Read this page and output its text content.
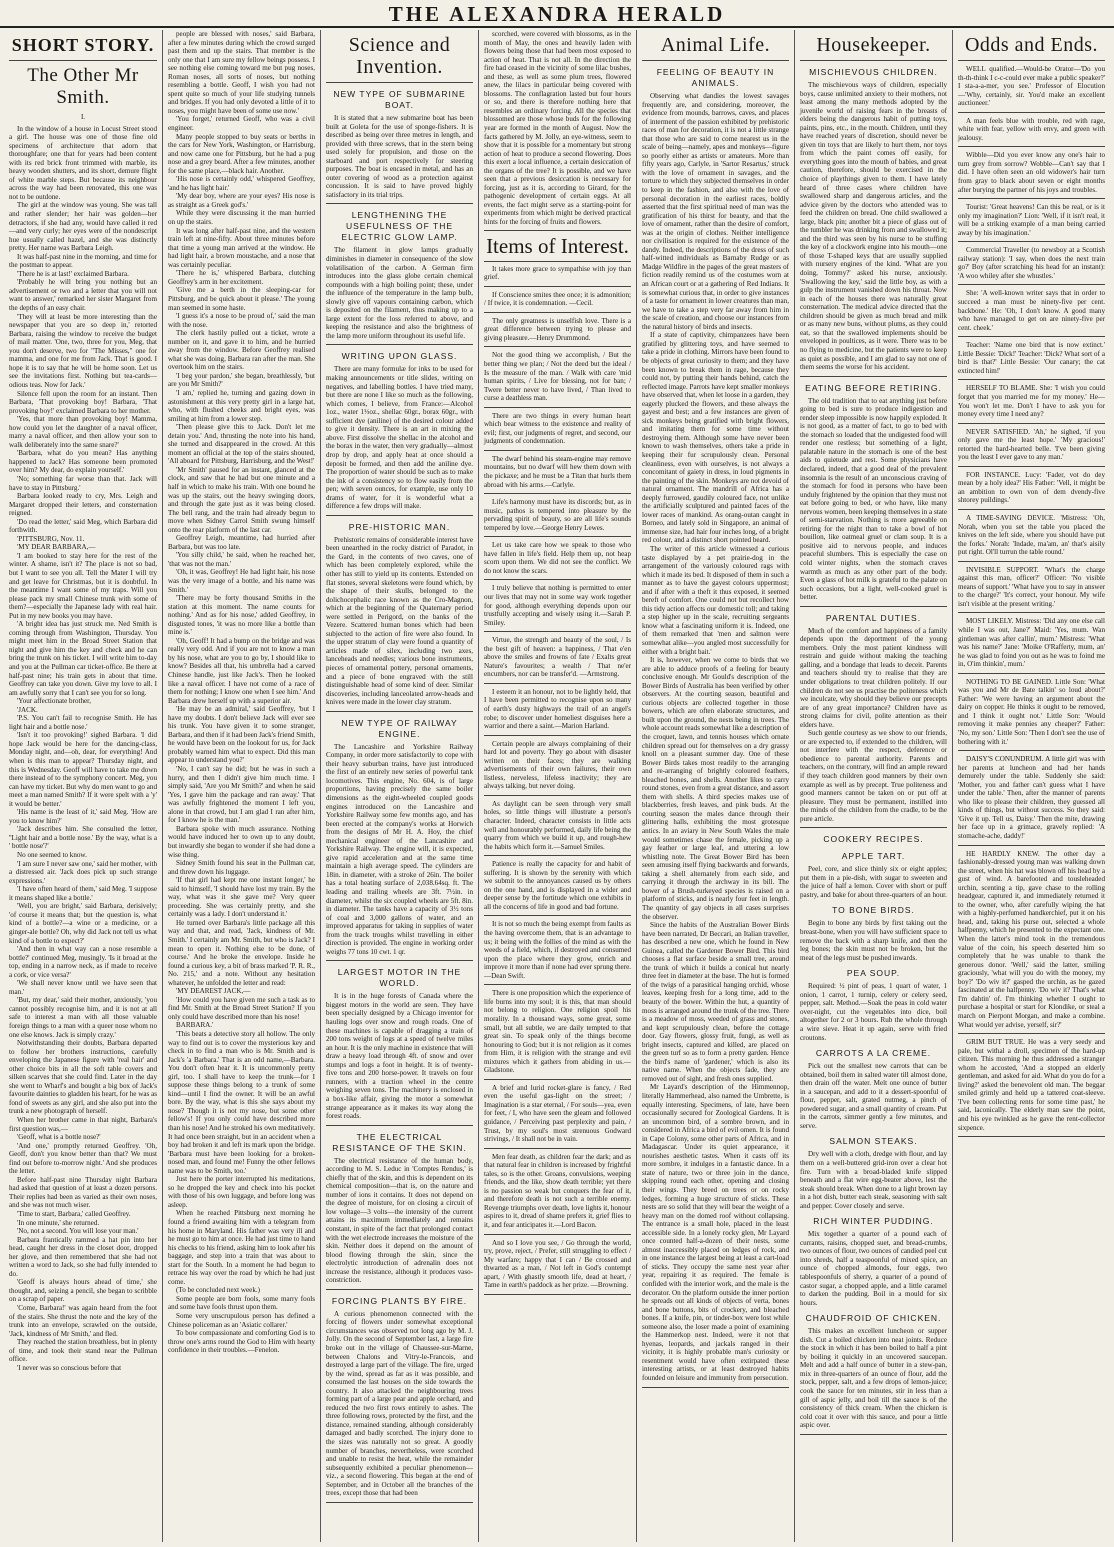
THE ALEXANDRA HERALD
SHORT STORY.
The Other Mr Smith.
I.

In the window of a house in Locust Street stood a girl. The house was one of those fine old specimens of architecture that adorn that thoroughfare; one that for years had been content with its red brick front trimmed with marble, its heavy wooden shutters, and its short, demure flight of white marble steps. But because its neighbour across the way had been renovated, this one was not to be outdone.

The girl at the window was young. She was tall and rather slender; her hair was golden—her detractors, if she had any, would have called it red—and very curly; her eyes were of the nondescript hue usually called hazel, and she was distinctly pretty. Her name was Barbara Leigh.

It was half-past nine in the morning, and time for the postman to appear.

'There he is at last!' exclaimed Barbara.

'Probably he will bring you nothing but an advertisement or two and a letter that you will not want to answer,' remarked her sister Margaret from the depths of an easy chair.

'They will at least be more interesting than the newspaper that you are so deep in,' retorted Barbara, raising the window to receive the budget of mail matter. 'One, two, three for you, Meg, that you don't deserve, two for "The Misses," one for mamma, and one for me from Jack. That is good. I hope it is to say that he will be home soon. Let us see the invitations first. Nothing but tea-cards—odious teas. Now for Jack.'

Silence fell upon the room for an instant. Then Barbara, 'That provoking boy! Barbara, 'That provoking boy!' exclaimed Barbara to her mother.

'Yes, that more than provoking boy! Mamma, how could you let the daughter of a naval officer, marry a naval officer, and then allow your son to walk deliberately into the same snare?'

'Barbara, what do you mean? Has anything happened to Jack? Has someone been promoted over him? My dear, do explain yourself.'

'No; something far worse than that. Jack will have to stay in Pittsburg.'

Barbara looked ready to cry, Mrs. Leigh and Margaret dropped their letters, and consternation reigned.

'Do read the letter,' said Meg, which Barbara did forthwith.

'PITTSBURG, Nov. 11.

'MY DEAR BARBARA,—

'I am booked to stay here for the rest of the winter. A shame, isn't it? The place is not so bad, but I want to see you all. Tell the Mater I will try and get leave for Christmas, but it is doubtful. In the meantime I want some of my traps. Will you please pack my small Chinese trunk with some of them?—especially the Japanese lady with real hair. Put in my new books you may have.

'A bright idea has just struck me. Ned Smith is coming through from Washington, Thursday. You might meet him in the Broad Street Station that night and give him the key and check and he can bring the trunk on his ticket. I will write him to-day and you at the Pullman car ticket-office. Be there at half-past nine; his train gets in about that time. Geoffrey can take you down. Give my love to all. I am awfully sorry that I can't see you for so long.

'Your affectionate brother,

'JACK.

'P.S. You can't fail to recognise Smith. He has light hair and a bottle nose.'

'Isn't it too provoking!' sighed Barbara. 'I did hope Jack would be here for the dancing-class, Monday night, and—oh, dear, for everything! And when is this man to appear? Thursday night, and this is Wednesday. Geoff will have to take me down there instead of to the symphony concert. Meg, you can have my ticket. But why do men want to go and meet a man named Smith? If it were spelt with a 'y' it would be better.'

'His name is the least of it,' said Meg. 'How are you to know him?'

'Jack describes him. She consulted the letter, ''Light hair and a bottle nose.' By the way, what is a ' bottle nose'?'

No one seemed to know.

'I am sure I never saw one,' said her mother, with a distressed air. 'Jack does pick up such strange expressions.'

'I have often heard of them,' said Meg. 'I suppose it means shaped like a bottle.'

'Well, you are bright,' said Barbara, derisively; 'of course it means that; but the question is, what kind of a bottle?—a wine or a medicine, or a ginger-ale bottle? Oh, why did Jack not tell us what kind of a bottle to expect?'

'And then in what way can a nose resemble a bottle?' continued Meg, musingly. 'Is it broad at the top, ending in a narrow neck, as if made to receive a cork, or vice versa?'

'We shall never know until we have seen that man.'

'But, my dear,' said their mother, anxiously, 'you cannot possibly recognise him, and it is not at all safe to interest a man with all those valuable foreign things to a man with a queer nose whom no one else knows. Jack is simply crazy.'

Notwithstanding their doubts, Barbara departed to follow her brothers instructions, carefully enveloping the Japanese figure with 'real hair' and other choice bits in all the soft table covers and silken scarves that she could find. Later in the day she went to Wharf's and bought a big box of Jack's favourite dainties to gladden his heart, for he was as fond of sweets as any girl, and she also put into the trunk a new photograph of herself.

When her brother came in that night, Barbara's first question was,—

'Geoff, what is a bottle nose?'

'And one,' promptly returned Geoffrey. 'Oh, Geoff, don't you know better than that? We must find out before to-morrow night.' And she produces the letter.

Before half-past nine Thursday night Barbara had asked that question of at least a dozen persons. Their replies had been as varied as their own noses, and she was not much wiser.

'Time to start, Barbara,' called Geoffrey.

'In one minute,' she returned.

'No, not a second. You will lose your man.'

Barbara frantically rammed a hat pin into her head, caught her dress in the closet door, dropped her glove, and then remembered that she had not written a word to Jack, so she had fully intended to do.

'Geoff is always hours ahead of time,' she thought, and, seizing a pencil, she began to scribble on a scrap of paper.

'Come, Barbara!' was again heard from the foot of the stairs. She thrust the note and the key of the trunk into an envelope, scrawled on the outside, 'Jack, kindness of Mr Smith,' and fled.

They reached the station breathless, but in plenty of time, and took their stand near the Pullman office.

'I never was so conscious before that

people are blessed with noses,' said Barbara, after a few minutes during which the crowd surged past them and up the stairs. That member is the only one that I am sure my fellow beings possess. I see nothing else coming toward me but pug noses, Roman noses, all sorts of noses, but nothing resembling a bottle. Geoff, I wish you had not spent quite so much of your life studying tunnels and bridges. If you had only devoted a little of it to noses, you might have been of some use now.'

'You forget,' returned Geoff, who was a civil engineer.

Many people stopped to buy seats or berths in the cars for New York, Washington, or Harrisburg, and now came one for Pittsburg, but he had a pug nose and a grey beard. After a few minutes, another for the same place,—black hair. Another.

'His nose is certainly odd,' whispered Geoffrey, 'and he has light hair.'

'My dear boy, where are your eyes? His nose is as straight as a Greek god's.'

While they were discussing it the man hurried on up the stairs.

It was long after half-past nine, and the western train left at nine-fifty. About three minutes before that time a young man arrived at the window. He had light hair, a brown moustache, and a nose that was certainly peculiar.

'There he is,' whispered Barbara, clutching Geoffrey's arm in her excitement.

'Give me a berth in the sleeping-car for Pittsburg, and be quick about it please.' The young man seemed in some haste.

'I guess it's a nose to be proud of,' said the man with the nose.

The clerk hastily pulled out a ticket, wrote a number on it, and gave it to him, and he hurried away from the window. Before Geoffrey realised what she was doing, Barbara ran after the man. She overtook him on the stairs.

'I beg your pardon,' she began, breathlessly, 'but are you Mr Smith?'

'I am,' replied he, turning and gazing down in astonishment at this very pretty girl in a large hat, who, with flushed cheeks and bright eyes, was smiling at him from a lower step.

'Then please give this to Jack. Don't let me detain you.' And, thrusting the note into his hand, she turned and disappeared in the crowd. At this moment an official at the top of the stairs shouted, 'All aboard for Pittsburg, Harrisburg, and the West!'

'Mr Smith' paused for an instant, glanced at the clock, and saw that he had but one minute and a half in which to make his train. With one bound he was up the stairs, out the heavy swinging doors, and through the gate just as it was being closed. The bell rang, and the train had already begun to move when Sidney Carrol Smith swung himself onto the rear platform of the last car.

Geoffrey Leigh, meantime, had hurried after Barbara, but was too late.

'You silly child,' he said, when he reached her, 'that was not the man.'

'Oh, it was, Geoffrey! He had light hair, his nose was the very image of a bottle, and his name was Smith.'

'There may be forty thousand Smiths in the station at this moment. The name counts for nothing.' And as for his nose,' added Geoffrey, in disgusted tones, 'it was no more like a bottle than mine is.'

'Oh, Geoff! It had a bump on the bridge and was really very odd. And if you are not to know a man by his nose, what are you to go by, I should like to know? Besides all that, his umbrella had a carved Chinese handle, just like Jack's. Then he looked like a naval officer. I have not come of a race of them for nothing; I know one when I see him.' And Barbara drew herself up with a superior air.

'He may be an admiral,' said Geoffrey, 'but I have my doubts. I don't believe Jack will ever see his trunk. You have given it to some stranger, Barbara, and then if it had been Jack's friend Smith, he would have been on the lookout for us, for Jack probably warned him what to expect. Did this man appear to understand you?'

'No, I can't say he did; but he was in such a hurry, and then I didn't give him much time. I simply said, 'Are you Mr Smith?' and when he said 'Yes, I gave him the package and ran away.' That was awfully frightened the moment I left you, alone in that crowd, but I am glad I ran after him, for I know he is the man.'

Barbara spoke with much assurance. Nothing would have induced her to own up to any doubt, but inwardly she began to wonder if she had done a wise thing.

Sidney Smith found his seat in the Pullman car, and threw down his luggage.

'If that girl had kept me one instant longer,' he said to himself, 'I should have lost my train. By the way, what was it she gave me? Very queer proceeding. She was certainly pretty, and she certainly was a lady. I don't understand it.'

He turned over Barbara's little package all this way and that, and read, 'Jack, kindness of Mr. Smith.' I certainly am Mr. Smith, but who is Jack? I mean to open it. Nothing else to be done, of course.' And he broke the envelope. Inside he found a curious key, a bit of brass marked 'P. R. R., No. 215,' and a note. Without any hesitation whatever, he unfolded the letter and read:

'MY DEAREST JACK,—

'How could you have given me such a task as to find Mr. Smith at the Broad Street Station? If you only could have described more than his nose!

BARBARA.'

'This beats a detective story all hollow. The only way to find out is to cover the mysterious key and check in to find a man who is Mr. Smith and is Jack's 'a Barbara.' That is an odd name,—Barbara. You don't often hear it. It is uncommonly pretty girl, too. I shall have to keep the trunk—for I suppose these things belong to a trunk of some kind—until I find the owner. It will be an awful bore. By the way, what is this she says about my nose? Though it is not my nose, but some other fellow's! If you only could have described more than his nose! And he stroked his own meditatively. It had once been straight, but in an accident when a boy had broken it and left its mark upon the bridge. 'Barbara must have been looking for a broken-nosed man, and found me! Funny the other fellows name was to be Smith, too.'

Just here the porter interrupted his meditations, so he dropped the key and check into his pocket with those of his own luggage, and before long was asleep.

When he reached Pittsburg next morning he found a friend awaiting him with a telegram from his home in Maryland. His father was very ill and he must go to him at once. He had just time to hand his checks to his friend, asking him to look after his baggage, and step into a train that was about to start for the South. In a moment he had begun to retrace his way over the road by which he had just come.

(To be concluded next week.)

Some people are born fools, some marry fools and some have fools thrust upon them.

Some very unscrupulous person has defined a Chinese policeman as an 'Asiatic collarer.'

To bow compassionate and comforting God is to throw one's arms round the God to Him with hearty confidence in their troubles.—Fenelon.

Science and Invention.
NEW TYPE OF SUBMARINE BOAT.

It is stated that a new submarine boat has been built at Goleta for the use of sponge-fishers. It is described as being over three metres in length, and provided with three screws, that in the stern being used solely for propulsion, and those on the starboard and port respectively for steering purposes. The boat is encased in metal, and has an outer covering of wood as a protection against concussion. It is said to have proved highly satisfactory in its trial trips.

LENGTHENING THE USEFULNESS OF THE ELECTRIC GLOW LAMP.

The filament in glow lamps gradually diminishes in diameter in consequence of the slow volatilisation of the carbon. A German firm introduces into the glass globe certain chemical compounds with a high boiling point; these, under the influence of the temperature in the lamp bulb, slowly give off vapours containing carbon, which is deposited on the filament, thus making up to a large extent for the loss referred to above, and keeping the resistance and also the brightness of the lamp more uniform throughout its useful life.

WRITING UPON GLASS.

There are many formulæ for inks to be used for making announcements or title slides, writing on negatives, and labelling bottles. I have tried many, but there are none I like so much as the following, which comes, I believe, from France:—Alcohol 1oz., water 1⅓oz., shellac 60gr., borax 60gr., with sufficient dye (aniline) of the desired colour added to give it density. There is an art in mixing the above. First dissolve the shellac in the alcohol and the borax in the water, then very gradually—almost drop by drop, and apply heat at once should a deposit be formed, and then add the aniline dye. The proportion of water should be such as to make the ink of a consistency so to flow easily from the pen; with seven ounces, for example, use only 10 drams of water, for it is wonderful what a difference a few drops will make.

PRE-HISTORIC MAN.

Prehistoric remains of considerable interest have been unearthed in the rocky district of Paradot, in the Gard, in the contents of two caves, one of which has been completely explored, while the other has still to yield up its contents. Extended on flat stones, several skeletons were found which, by the shape of their skulls, belonged to the dolichocephalic race known as the Cro-Magnon, which at the beginning of the Quaternary period were settled in Perigord, on the banks of the Vezere. Scattered human bones which had been subjected to the action of fire were also found. In the upper stratum of clay were found a quantity of articles made of silex, including two axes, lanceheads and needles; various bone instruments, pieces of ornamental pottery, personal ornaments, and a piece of bone engraved with the still distinguishable head of some kind of deer. Similar discoveries, including lanceolated arrow-heads and knives were made in the lower clay stratum.

NEW TYPE OF RAILWAY ENGINE.

The Lancashire and Yorkshire Railway Company, in order more satisfactorily to cope with their heavy suburban trains, have just introduced the first of an entirely new series of powerful tank locomotives. This engine, No. 604, is of large proportions, having precisely the same boiler dimensions as the eight-wheeled coupled goods engines introduced on the Lancashire and Yorkshire Railway some few months ago, and has been erected at the company's works at Horwich from the designs of Mr H. A. Hoy, the chief mechanical engineer of the Lancashire and Yorkshire Railway. The engine will, it is expected, give rapid acceleration and at the same time maintain a high average speed. The cylinders are 18in. in diameter, with a stroke of 26in. The boiler has a total heating surface of 2,038.64sq. ft. The leading and trailing wheels are 3ft. 7½in. in diameter, whilst the six coupled wheels are 5ft. 8in. in diameter. The tanks have a capacity of 3½ tons of coal and 3,000 gallons of water, and an improved apparatus for taking in supplies of water from the track troughs whilst travelling in either direction is provided. The engine in working order weighs 77 tons 10 cwt. 1 qr.

LARGEST MOTOR IN THE WORLD.

It is in the huge forests of Canada where the biggest motors in the world are seen. They have been specially designed by a Chicago inventor for hauling logs over snow and rough roads. One of these machines is capable of dragging a train of 200 tons weight of logs at a speed of twelve miles an hour. It is the only machine in existence that will draw a heavy load through 4ft. of snow and over stumps and logs a foot in height. It is of twenty-five tons and 200 horse-power. It travels on four runners, with a traction wheel in the centre weighing seven tons. The machinery is enclosed in a box-like affair, giving the motor a somewhat strange appearance as it makes its way along the forest roads.

THE ELECTRICAL RESISTANCE OF THE SKIN.

The electrical resistance of the human body, according to M. S. Leduc in 'Comptes Rendus,' is chiefly that of the skin, and this is dependent on its chemical composition—that is, on the nature and number of ions it contains. It does not depend on the degree of moisture, for on closing a circuit of low voltage—3 volts—the intensity of the current attains its maximum immediately and remains constant, in spite of the fact that prolonged contact with the wet electrode increases the moisture of the skin. Neither does it depend on the amount of blood flowing through the skin, since the electrolytic introduction of adrenalin does not increase the resistance, although it produces vaso-constriction.

FORCING PLANTS BY FIRE.

A curious phenomenon connected with the forcing of flowers under somewhat exceptional circumstances was observed not long ago by M. J. Jolly. On the second of September last, a large fire broke out in the village of Chaussee-sur-Marne, between Chalons and Vitry-le-Francois, and destroyed a large part of the village. The fire, urged by the wind, spread as far as it was possible, and consumed the last houses on the side towards the country. It also attacked the neighbouring trees forming part of a large pear and apple orchard, and reduced the two first rows entirely to ashes. The three following rows, protected by the first, and the distance, remained standing, although considerably damaged and badly scorched. The injury done to the sizes was naturally not so great. A goodly number of branches, nevertheless, were scorched and unable to resist the heat, while the remainder subsequently exhibited a peculiar phenomenon—viz., a second flowering. This began at the end of September, and in October all the branches of the trees, except those that had been

scorched, were covered with blossoms, as in the month of May, the ones and heavily laden with flowers being those that had been most exposed to action of heat. That is not all. In the direction the fire had ceased in the vicinity of some lilac bushes, and these, as well as some plum trees, flowered anew, the lilacs in particular being covered with blossoms. The conflagration lasted but four hours or so, and there is therefore nothing here that resembles an ordinary forcing. All the species that blossomed are those whose buds for the following year are formed in the month of August. Now the facts gathered by M. Jolly, an eye-witness, seem to show that it is possible for a momentary but strong action of heat to produce a second flowering. Does this exert a local influence, a certain desiccation of the organs of the tree? It is possible, and we have seen that a previous desiccation is necessary for forcing, just as it is, according to Girard, for the pathogenic development of certain eggs. At all events, the fact might serve as a starting-point for experiments from which might be derived practical hints for the forcing of fruits and flowers.

Items of Interest.

It takes more grace to sympathise with joy than grief.

If Conscience smites thee once; it is admonition; / If twice, it is condemnation. —Cecil.

The only greatness is unselfish love. There is a great difference between trying to please and giving pleasure.—Henry Drummond.

Not the good thing we accomplish, / But the better thing we plan; / Not the deed but the ideal / Is the measure of the man. / Walk with care 'mid human spirits, / Live for blessing, not for ban; / Twere better never to have lived, / Than lived to curse a deathless man.

There are two things in every human heart which bear witness to the existence and reality of evil; first, our judgments of regret, and second, our judgments of condemnation.

The dwarf behind his steam-engine may remove mountains, but no dwarf will hew them down with the pickaxe; and he must be a Titan that hurls them abroad with his arms.—Carlyle.

Life's harmony must have its discords; but, as in music, pathos is tempered into pleasure by the pervading spirit of beauty, so are all life's sounds tempered by love.—George Henry Lewes.

Let us take care how we speak to those who have fallen in life's field. Help them up, not heap scorn upon them. We did not see the conflict. We do not know the scars.

I truly believe that nothing is permitted to enter our lives that may not in some way work together for good, although everything depends upon our trustfully accepting and wisely using it.—Sarah P. Smiley.

Virtue, the strength and beauty of the soul, / Is the best gift of heaven: a happiness, / That e'en above the smiles and frowns of fate / Exalts great Nature's favourites; a wealth / That ne'er encumbers, nor can be transfer'd. —Armstrong.

I esteem it an honour, not to be lightly held, that I have been permitted to recognise upon so many of earth's dusty highways the trail of an angel's robe; to discover under homeliest disguises here a warrior and there a saint.—Marion Harland.

Certain people are always complaining of their hard lot and poverty. They go about with disaster written on their faces; they are walking advertisements of their own failures, their own listless, nerveless, lifeless inactivity; they are always talking, but never doing.

As daylight can be seen through very small holes, so little things will illustrate a person's character. Indeed, character consists in little acts well and honourably performed, daily life being the quarry from which we build it up, and rough-hew the habits which form it.—Samuel Smiles.

Patience is really the capacity for and habit of suffering. It is shown by the serenity with which we submit to the annoyances caused us by others on the one hand, and is displayed in a wider and deeper sense by the fortitude which one exhibits in all the concerns of life in good and bad fortune.

It is not so much the being exempt from faults as the having overcome them, that is an advantage to us; it being with the follies of the mind as with the weeds of a field, which, if destroyed and consumed upon the place where they grow, enrich and improve it more than if none had ever sprung there.—Dean Swift.

There is one proposition which the experience of life burns into my soul; it is this, that man should not belong to religion. One religion spoil his morality. In a thousand ways, some great, some small, but all subtle, we are daily tempted to that great sin. To speak only of the things become honouring to God; but it is not religion as it comes from Him, it is religion with the strange and evil mixtures which it gathers from abiding in us.—Gladstone.

A brief and lurid rocket-glare is fancy, / Red even the useful gas-light on the street; / Imagination is a star eternal, / For souls—yea, even for feet, / I, who have seen the gleam and followed guidance, / Perceiving past perplexity and pain, / Trust, by my soul's most strenuous Godward strivings, / It shall not be in vain.

Men fear death, as children fear the dark; and as that natural fear in children is increased by frightful tales, so is the other. Groans, convulsions, weeping friends, and the like, show death terrible; yet there is no passion so weak but conquers the fear of it, and therefore death is not such a terrible enemy. Revenge triumphs over death, love lights it, honour aspires to it, dread of shame prefers it, grief flies to it, and fear anticipates it.—Lord Bacon.

And so I love you see, / Go through the world, try, prove, reject, / Prefer, still struggling to effect / My warfare; happy that I can / Be crossed and thwarted as a man, / Not left in God's contempt apart, / With ghastly smooth life, dead at heart, / Tame in earth's paddock as her prize. —Browning.

Animal Life.
FEELING OF BEAUTY IN ANIMALS.

Observing what dandies the lowest savages frequently are, and considering, moreover, the evidence from mounds, barrows, caves, and places of interment of the passion exhibited by prehistoric races of man for decoration, it is not a little strange that those who are said to come nearest us in the scale of being—namely, apes and monkeys—figure so poorly either as artists or amateurs. More than fifty years ago, Carlyle, in 'Sartor Resartus,' struck with the love of ornament in savages, and the torture to which they subjected themselves in order to keep in the fashion, and also with the love of personal decoration in the earliest races, boldly asserted that the first spiritual need of man was the gratification of his thirst for beauty, and that the love of ornament, rather than the desire of comfort, was at the origin of clothes. Neither intelligence nor civilisation is required for the existence of the dandy. Indeed, the descriptions of the dress of such half-witted individuals as Barnaby Rudge or as Madge Wildfire in the pages of the great masters of fiction readily remind us of the costumes worn at an African court or at a gathering of Red Indians. It is somewhat curious that, in order to give instances of a taste for ornament in lower creatures than man, we have to take a step very far away from him in the scale of creation, and choose our instances from the natural history of birds and insects.

If a state of captivity, chimpanzees have been gratified by glittering toys, and have seemed to take a pride in clothing. Mirrors have been found to be objects of great curiosity to them; and they have been known to break them in rage, because they could not, by putting their hands behind, catch the reflected image. Parrots have kept smaller monkeys have observed that, when let loose in a garden, they eagerly plucked the flowers, and these always the gayest and best; and a few instances are given of sick monkeys being gratified with bright flowers, and imitating them for some time without destroying them. Although some have never been known to wash themselves, others take a pride in keeping their fur scrupulously clean. Personal cleanliness, even with ourselves, is not always a concomitant of gaiety in dress, in loud pigments in the painting of the skin. Monkeys are not devoid of natural ornament. The mandrill of Africa has a deeply furrowed, gaudily coloured face, not unlike the artificially sculptured and painted faces of the lower races of mankind. As orang-outan caught in Borneo, and lately sold in Singapore, an animal of immense size, had hair four inches long, of a bright red colour, and a distinct short pointed beard.

The writer of this article witnessed a curious taste displayed by a pet prairie-dog in the arrangement of the variously coloured rags with which it made its bed. It disposed of them in such a manner as to have the gayest colours uppermost; and if after with a theft it thus exposed, it seemed bereft of comfort. One could not but recollect how this tidy action affects our domestic toll; and taking a step higher up in the scale, recruiting sergeants know what a fascinating uniform it is. Indeed, one of them remarked that 'men and salmon were somewhat alike—you angled most successfully for either with a bright bait.'

It is, however, when we come to birds that we are able to adduce proofs of a feeling for beauty conclusive enough. Mr Gould's description of the Bower Birds of Australia has been verified by other observers. At the courting season, beautiful and curious objects are collected together in those bowers, which are often elaborate structures, and built upon the ground, the nests being in trees. The whole account reads somewhat like a description of the croquet, lawn, and tennis houses which ornate children spread out for themselves on a dry grassy knoll on a pleasant summer day. One of these Bower Birds takes most readily to the arranging and re-arranging of brightly coloured feathers, bleached bones, and shells. Another likes to carry round stones, even from a great distance, and assort them with shells. A third species makes use of blackberries, fresh leaves, and pink buds. At the courting season the males dance through their glittering halls, exhibiting the most grotesque antics. In an aviary in New South Wales the male would sometimes chase the female, picking up a gay feather or large leaf, and uttering a low whistling note. The Great Bower Bird has been seen amusing itself flying backwards and forwards, taking a shell alternately from each side, and carrying it through the archway in its bill. The bower of a Brush-turkeyed species is raised on a platform of sticks, and is nearly four feet in length. The quantity of gay objects in all cases surprises the observer.

Since the habits of the Australian Bower Birds have been narrated, Dr Beccari, an Italian traveller, has described a new one, which he found in New Guinea, called the Gardener Bower Bird. This bird chooses a flat surface beside a small tree, around the trunk of which it builds a conical hut nearly three feet in diameter at the base. The hut is formed of the twigs of a parasitical hanging orchid, whose leaves, keeping fresh for a long time, add to the beauty of the bower. Within the hut, a quantity of moss is arranged around the trunk of the tree. There is a meadow of moss, weeded of grass and stones, and kept scrupulously clean, before the cottage door. Gay flowers, glossy fruit, fungi, as well as bright insects, captured and killed, are placed on the green turf so as to form a pretty garden. Hence the bird's name of 'gardener,' which is also its native name. When the objects fade, they are removed out of sight, and fresh ones supplied.

Mr Layard's description of the Himmennop, literally Hammerhead, also named the Umbrette, is equally interesting. Specimens, of late, have been occasionally secured for Zoological Gardens. It is an uncommon bird, of a sombre brown, and in considered in Africa a bird of evil omen. It is found in Cape Colony, some other parts of Africa, and in Madagascar. Under its quiet appearance, it nourishes aesthetic tastes. When it casts off its more sombre, it indulges in a fantastic dance. In a state of nature, two or three join in the dance, skipping round each other, opening and closing their wings. They breed on trees or on rocky ledges, forming a huge structure of sticks. These nests are so solid that they will bear the weight of a heavy man on the domed roof without collapsing. The entrance is a small hole, placed in the least accessible side. In a lonely rocky glen, Mr Layard once counted half-a-dozen of their nests, some almost inaccessibly placed on ledges of rock, and in one instance the largest being at least a cart-load of sticks. They occupy the same nest year after year, repairing it as required. The female is confided with the interior work, and the male is the decorator. On the platform outside the inner portion he spreads out all kinds of objects of verta, bones and bone buttons, bits of crockery, and bleached bones. If a knife, pin, or tinder-box were lost while someone also, the loser made a point of examining the Hammerkop nest. Indeed, were it not that hyenas, leopards, and jackals ranged in their vicinity, it is highly probable man's curiosity or resentment would have often extirpated these interesting artists, or at least destroyed habits founded on leisure and immunity from persecution.

Housekeeper.
MISCHIEVOUS CHILDREN.

The mischievous ways of children, especially boys, cause unlimited anxiety to their mothers, not least among the many methods adopted by the juvenile world of raising fears in the breasts of elders being the dangerous habit of putting toys, paints, pins, etc., in the mouth. Children, until they have reached years of discretion, should never be given tin toys that are likely to hurt them, nor toys from which the paint comes off easily, for everything goes into the mouth of babies, and great caution, therefore, should be exercised in the choice of playthings given to them. I have lately heard of three cases where children have swallowed sharp and dangerous articles, and the advice given by the doctors who attended was to feed the children on bread. One child swallowed a large, black pin; another bit a piece of glass out of the tumbler he was drinking from and swallowed it; and the third was seen by his nurse to be stuffing the key of a clockwork engine into his mouth—one of those T-shaped keys that are usually supplied with nursery engines of the kind. 'What are you doing, Tommy?' asked his nurse, anxiously. 'Swallowing the key,' said the little boy, as with a gulp the instrument vanished down his throat. Now in each of the houses there was naturally great consternation. The medical advice directed that the children should be given as much bread and milk or as many new buns, without plums, as they could eat, so that the swallowed implements should be enveloped in poultices, as it were. There was to be no flying to medicine, but the patients were to keep as quiet as possible, and I am glad to say not one of them seems the worse for his accident.

EATING BEFORE RETIRING.

The old tradition that to eat anything just before going to bed is sure to produce indigestion and render sleep impossible is now happily exploded. It is not good, as a matter of fact, to go to bed with the stomach so loaded that the undigested food will render one restless; but something of a light, palatable nature in the stomach is one of the best aids to quietude and rest. Some physicians have declared, indeed, that a good deal of the prevalent insomnia is the result of an unconscious craving of the stomach for food in persons who have been unduly frightened by the opinion that they must not eat before going to bed, or who have, like many nervous women, been keeping themselves in a state of semi-starvation. Nothing is more agreeable on retiring for the night than to take a bowl of hot bouillon, like oatmeal gruel or clam soup. It is a positive aid to nervous people, and induces peaceful slumbers. This is especially the case on cold winter nights, when the stomach craves warmth as much as any other part of the body. Even a glass of hot milk is grateful to the palate on such occasions, but a light, well-cooked gruel is better.

PARENTAL DUTIES.

Much of the comfort and happiness of a family depends upon the deportment of the young members. Only the most patient kindness will restrain and guide without making the teaching galling, and a bondage that leads to deceit. Parents and teachers should try to realise that they are under obligations to treat children politely. If our children do not see us practise the politeness which we inculcate, why should they believe our precepts are of any great importance? Children have as strong claims for civil, polite attention as their elders have.

Such gentle courtesy as we show to our friends, or are expected to, if extended to the children, will not interfere with the respect, deference or obedience to parental authority. Parents and teachers, on the contrary, will find an ample reward if they teach children good manners by their own example as well as by precept. True politeness and good manners cannot be taken on or put off at pleasure. They must be permanent, instilled into the minds of the children from the cradle, to be the pure article.

COOKERY RECIPES.
APPLE TART.

Peel, core, and slice thinly six or eight apples; put them in a pie-dish, with sugar to sweeten and the juice of half a lemon. Cover with short or puff pastry, and bake for about three-quarters of an hour.

TO BONE BIRDS.

Begin to bone any birds by first taking out the breast-bone, when you will have sufficient space to remove the back with a sharp knife, and then the leg bones; the skin must not be broken, but the meat of the legs must be pushed inwards.

PEA SOUP.

Required: ½ pint of peas, 1 quart of water, 1 onion, 1 carrot, 1 turnip, celery or celery seed, pepper, salt. Method.—Soak the peas in cold water over-night, cut the vegetables into dice, boil altogether for 2 or 3 hours. Rub the whole through a wire sieve. Heat it up again, serve with fried croutons.

CARROTS A LA CREME.

Pick out the smallest new carrots that can be obtained, boil them in salted water till almost done, then drain off the water. Melt one ounce of butter in a saucepan, and add to it a dessert-spoonful of flour, pepper, salt, grated nutmeg, a pinch of powdered sugar, and a small quantity of cream. Put in the carrots, simmer gently a few minutes, and serve.

SALMON STEAKS.

Dry well with a cloth, dredge with flour, and lay them on a well-buttered grid-iron over a clear hot fire. Turn with a broad-bladed knife slipped beneath and a flat wire egg-beater above, lest the steak should break. When done to a light brown lay in a hot dish, butter each steak, seasoning with salt and pepper. Cover closely and serve.

RICH WINTER PUDDING.

Mix together a quarter of a pound each of currants, raisins, chopped suet, and bread-crumbs, two ounces of flour, two ounces of candied peel cut into shreds, half a teaspoonful of mixed spice, an ounce of chopped almonds, four eggs, two tablespoonfuls of sherry, a quarter of a pound of castor sugar, a chopped apple, and a little caramel to darken the pudding. Boil in a mould for six hours.

CHAUDFROID OF CHICKEN.

This makes an excellent luncheon or supper dish. Cut a boiled chicken into neat joints. Reduce the stock in which it has been boiled to half a pint by boiling it quickly in an uncovered saucepan. Melt and add a half ounce of butter in a stew-pan, mix in three-quarters of an ounce of flour, add the stock, pepper, salt, and a few drops of lemon-juice; cook the sauce for ten minutes, stir in less than a gill of aspic jelly, and boil till the sauce is of the consistency of thick cream. When the chicken is cold coat it over with this sauce, and pour a little aspic over.

Odds and Ends.

WELL qualified.—Would-be Orator—'Do you th-th-think I c-c-could ever make a public speaker?' I sta-a-a-mer, you see.' Professor of Elocution—'Why, certainly, sir. You'd make an excellent auctioneer.'

A man feels blue with trouble, red with rage, white with fear, yellow with envy, and green with jealousy.

Wibble—Did you ever know any one's hair to turn grey from sorrow? Wobble—Can't say that I did. I have often seen an old widower's hair turn from gray to black about seven or eight months after burying the partner of his joys and troubles.

Tourist: 'Great heavens! Can this be real, or is it only my imagination?' Lion: 'Well, if it isn't real, it will be a striking example of a man being carried away by his imagination.'

Commercial Traveller (to newsboy at a Scottish railway station): 'I say, when does the next train go?' Boy (after scratching his head for an instant): 'A woo whiley after she whustles.'

She: 'A well-known writer says that in order to succeed a man must be ninety-five per cent. backbone.' He: 'Oh, I don't know. A good many who have managed to get on are ninety-five per cent. cheek.'

Teacher: 'Name one bird that is now extinct.' Little Bessie: 'Dick!' Teacher: 'Dick? What sort of a bird is that?' Little Bessie: 'Our canary; the cat extincted him!'

HERSELF TO BLAME. She: 'I wish you could forget that you married me for my money.' He—You won't let me. Don't I have to ask you for money every time I need any?

NEVER SATISFIED. 'Ah,' he sighed, 'if you only gave me the least hope.' 'My gracious!' retorted the hard-hearted belle. 'I've been giving you the least I ever gave to any man.'

FOR INSTANCE. Lucy: 'Fader, vot do dey mean by a holy idea?' His Father: 'Vell, it might be an ambition to own von of dem dvendy-five shtorey puildings.'

A TIME-SAVING DEVICE. 'Mistress: 'Oh, Norah, when you set the table you placed the knives on the left side, where you should have put the forks.' Norah: 'Indade, ma'am, an' that's aisily put right. Ol'll turrun the table round.'

INVISIBLE SUPPORT. 'What's the charge against this man, officer?' Officer: 'No visible means of support.' 'What have you to say in answer to the charge?' 'It's correct, your honour. My wife isn't visible at the present writing.'

MOST LIKELY. Mistress: 'Did any one else call while I was out, Jane?' Maid: 'Yes, mum. Wan gintleman was after callin', mum.' Mistress: 'What was his name?' Jane: 'Moike O'Rafferty, mum, an' he was glad to foind you out as he was to foind me in, O'im thinkin', mum.'

NOTHING TO BE GAINED. Little Son: 'What was you and Mr de Bate talkin' so loud about?' Father: 'We were having an argument about the dairy on copper. He thinks it ought to be removed, and I think it ought not.' Little Son: 'Would removing it make pennies any cheaper?' Father: 'No, my son.' Little Son: 'Then I don't see the use of bothering with it.'

DAISY'S CONUNDRUM. A little girl was with her parents at luncheon and had her hands demurely under the table. Suddenly she said: 'Mother, you and father can't guess what I have under the table.' Then, after the manner of parents who like to please their children, they guessed all kinds of things, but without success. So they said: 'Give it up. Tell us, Daisy.' Then the mite, drawing her face up in a grimace, gravely replied: 'A stomache-ache, daddy!'

HE HARDLY KNEW. The other day a fashionably-dressed young man was walking down the street, when his hat was blown off his head by a gust of wind. A barefooted and tousleheaded urchin, scenting a tip, gave chase to the rolling headgear, captured it, and immediately returned it to the owner, who, after carefully wiping the hat with a highly-perfumed handkerchief, put it on his head, and, taking his purse out, selected a whole halfpenny, which he presented to the expectant one. When the latter's mind took in the tremendous value of the coin, his speech deserted him so completely that he was unable to thank the generous donor. 'Well,' said the latter, smiling graciously, 'what will you do with the money, my boy?' 'Do wiv it?' gasped the urchin, as he gazed fascinated at the halfpenny. 'Do wiv it? That's what I'm dahtin' of. I'm thinking whether I ought to purchase a hospital or start for Klondike, or steal a march on Pierpont Morgan, and make a combine. What would yer advise, yerself, sir?'

GRIM BUT TRUE. He was a very seedy and pale, but withal a droll, specimen of the hard-up citizen. This morning he thus addressed a stranger whom he accosted, 'And a stopped an elderly gentleman, and asked for aid. What do you do for a living?' asked the benevolent old man. The beggar smiled grimly and held up a tattered coat-sleeve. 'I've been collecting rents for some time past,' he said, laconically. The elderly man saw the point, and his eye twinkled as he gave the rent-collector sixpence.
